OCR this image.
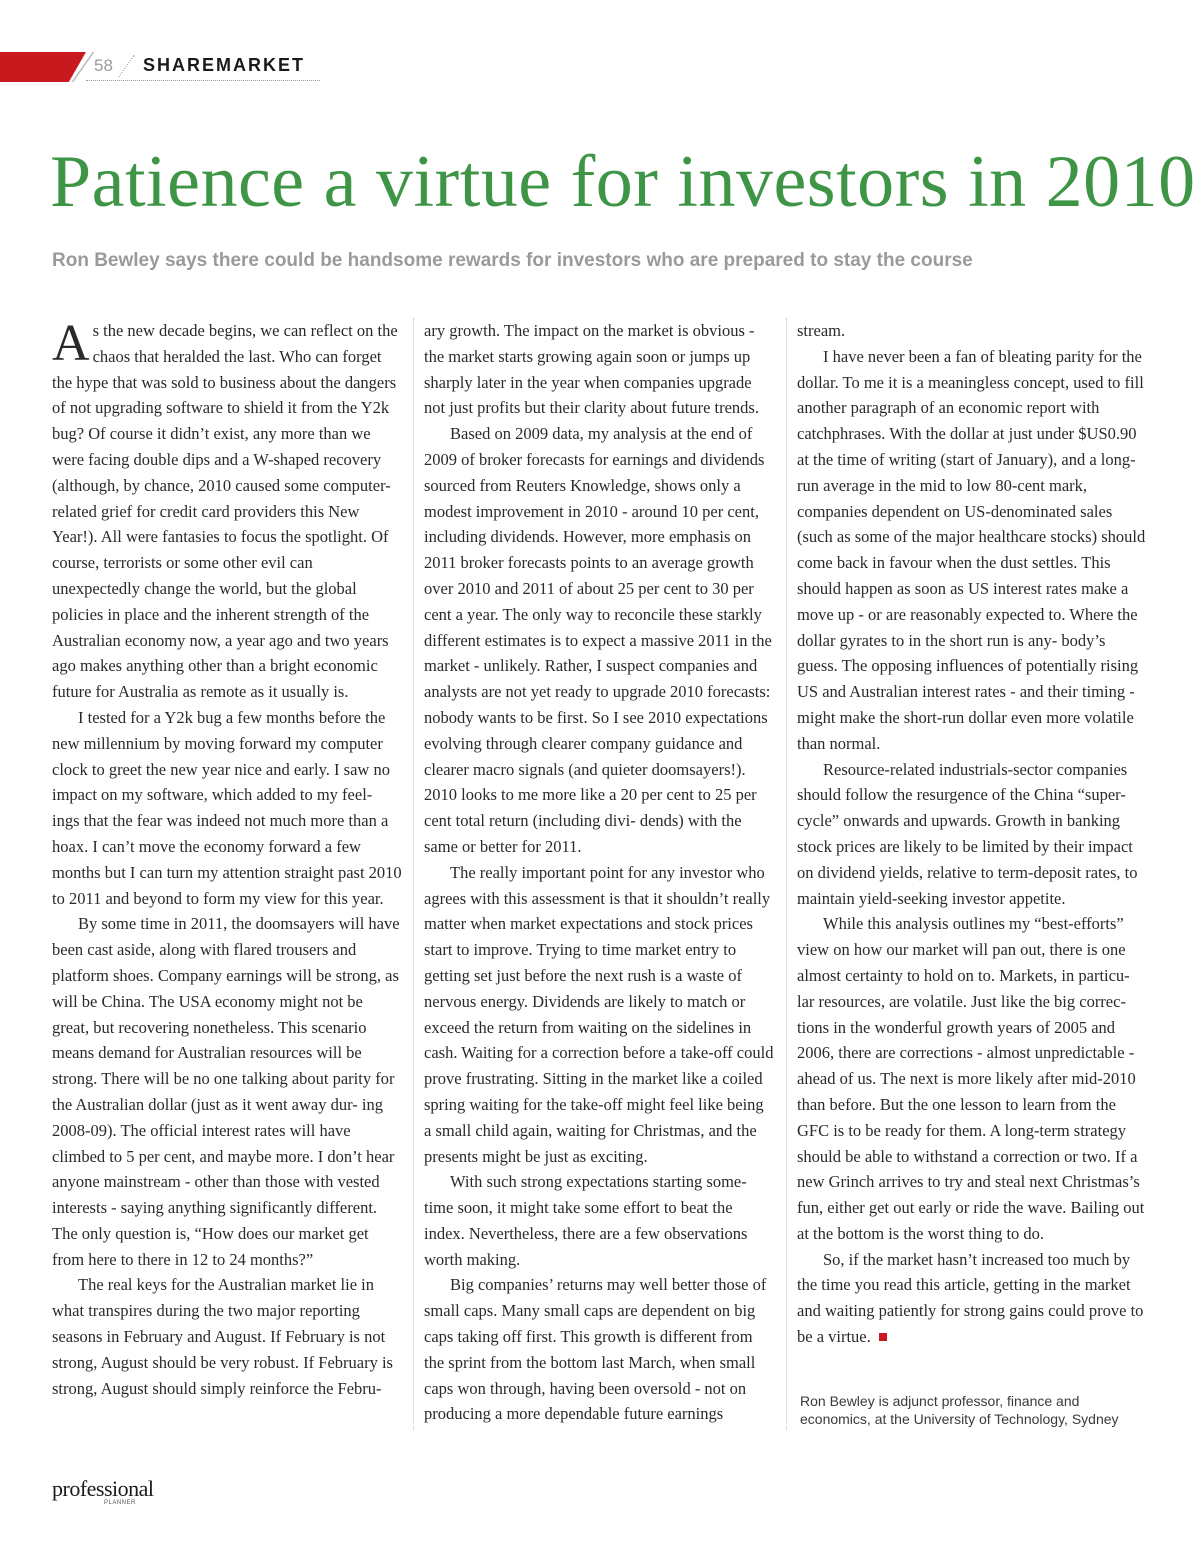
58 SHAREMARKET
Patience a virtue for investors in 2010

Ron Bewley says there could be handsome rewards for investors who are prepared to stay the course

As the new decade begins, we can reflect on the chaos that heralded the last. Who can forget the hype that was sold to business about the dangers of not upgrading software to shield it from the Y2k bug? Of course it didn’t exist, any more than we were facing double dips and a W-shaped recovery (although, by chance, 2010 caused some computer-related grief for credit card providers this New Year!). All were fantasies to focus the spotlight. Of course, terrorists or some other evil can unexpectedly change the world, but the global policies in place and the inherent strength of the Australian economy now, a year ago and two years ago makes anything other than a bright economic future for Australia as remote as it usually is.

I tested for a Y2k bug a few months before the new millennium by moving forward my computer clock to greet the new year nice and early. I saw no impact on my software, which added to my feel- ings that the fear was indeed not much more than a hoax. I can’t move the economy forward a few months but I can turn my attention straight past 2010 to 2011 and beyond to form my view for this year.

By some time in 2011, the doomsayers will have been cast aside, along with flared trousers and platform shoes. Company earnings will be strong, as will be China. The USA economy might not be great, but recovering nonetheless. This scenario means demand for Australian resources will be strong. There will be no one talking about parity for the Australian dollar (just as it went away dur- ing 2008-09). The official interest rates will have climbed to 5 per cent, and maybe more. I don’t hear anyone mainstream - other than those with vested interests - saying anything significantly different. The only question is, “How does our market get from here to there in 12 to 24 months?”

The real keys for the Australian market lie in what transpires during the two major reporting seasons in February and August. If February is not strong, August should be very robust. If February is strong, August should simply reinforce the Febru-

ary growth. The impact on the market is obvious - the market starts growing again soon or jumps up sharply later in the year when companies upgrade not just profits but their clarity about future trends.

Based on 2009 data, my analysis at the end of 2009 of broker forecasts for earnings and dividends sourced from Reuters Knowledge, shows only a modest improvement in 2010 - around 10 per cent, including dividends. However, more emphasis on 2011 broker forecasts points to an average growth over 2010 and 2011 of about 25 per cent to 30 per cent a year. The only way to reconcile these starkly different estimates is to expect a massive 2011 in the market - unlikely. Rather, I suspect companies and analysts are not yet ready to upgrade 2010 forecasts: nobody wants to be first. So I see 2010 expectations evolving through clearer company guidance and clearer macro signals (and quieter doomsayers!). 2010 looks to me more like a 20 per cent to 25 per cent total return (including divi- dends) with the same or better for 2011.

The really important point for any investor who agrees with this assessment is that it shouldn’t really matter when market expectations and stock prices start to improve. Trying to time market entry to getting set just before the next rush is a waste of nervous energy. Dividends are likely to match or exceed the return from waiting on the sidelines in cash. Waiting for a correction before a take-off could prove frustrating. Sitting in the market like a coiled spring waiting for the take-off might feel like being a small child again, waiting for Christmas, and the presents might be just as exciting.

With such strong expectations starting some- time soon, it might take some effort to beat the index. Nevertheless, there are a few observations worth making.

Big companies’ returns may well better those of small caps. Many small caps are dependent on big caps taking off first. This growth is different from the sprint from the bottom last March, when small caps won through, having been oversold - not on producing a more dependable future earnings

stream.

I have never been a fan of bleating parity for the dollar. To me it is a meaningless concept, used to fill another paragraph of an economic report with catchphrases. With the dollar at just under $US0.90 at the time of writing (start of January), and a long-run average in the mid to low 80-cent mark, companies dependent on US-denominated sales (such as some of the major healthcare stocks) should come back in favour when the dust settles. This should happen as soon as US interest rates make a move up - or are reasonably expected to. Where the dollar gyrates to in the short run is any- body’s guess. The opposing influences of potentially rising US and Australian interest rates - and their timing - might make the short-run dollar even more volatile than normal.

Resource-related industrials-sector companies should follow the resurgence of the China “super- cycle” onwards and upwards. Growth in banking stock prices are likely to be limited by their impact on dividend yields, relative to term-deposit rates, to maintain yield-seeking investor appetite.

While this analysis outlines my “best-efforts” view on how our market will pan out, there is one almost certainty to hold on to. Markets, in particu- lar resources, are volatile. Just like the big correc- tions in the wonderful growth years of 2005 and 2006, there are corrections - almost unpredictable - ahead of us. The next is more likely after mid-2010 than before. But the one lesson to learn from the GFC is to be ready for them. A long-term strategy should be able to withstand a correction or two. If a new Grinch arrives to try and steal next Christmas’s fun, either get out early or ride the wave. Bailing out at the bottom is the worst thing to do.

So, if the market hasn’t increased too much by the time you read this article, getting in the market and waiting patiently for strong gains could prove to be a virtue.

Ron Bewley is adjunct professor, finance and economics, at the University of Technology, Sydney

professional
PLANNER
